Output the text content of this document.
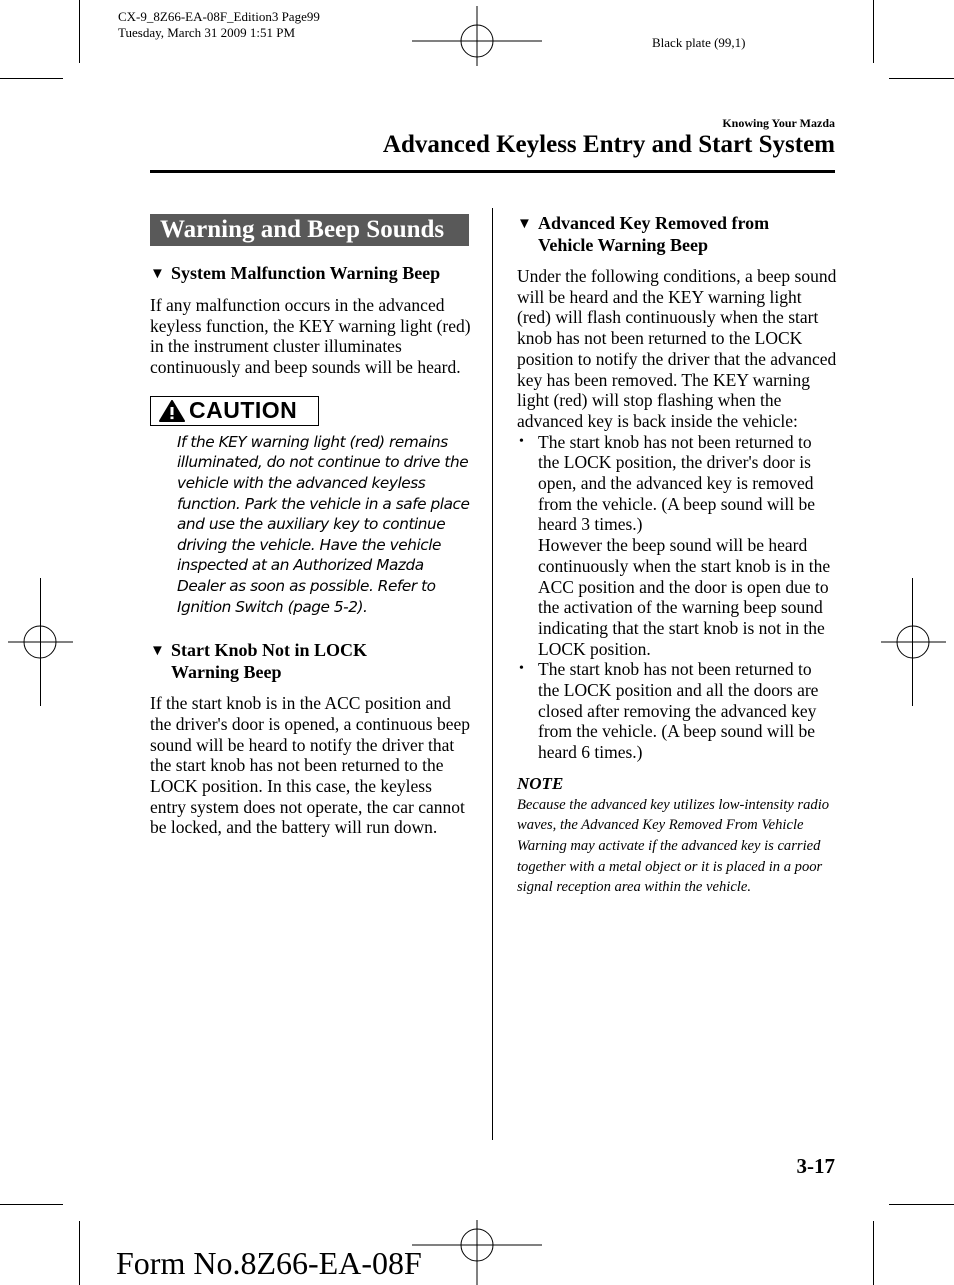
CX-9_8Z66-EA-08F_Edition3 Page99
Tuesday, March 31 2009 1:51 PM
Black plate (99,1)
Knowing Your Mazda
Advanced Keyless Entry and Start System
Warning and Beep Sounds
▼ System Malfunction Warning Beep

If any malfunction occurs in the advanced keyless function, the KEY warning light (red) in the instrument cluster illuminates continuously and beep sounds will be heard.

CAUTION

If the KEY warning light (red) remains illuminated, do not continue to drive the vehicle with the advanced keyless function. Park the vehicle in a safe place and use the auxiliary key to continue driving the vehicle. Have the vehicle inspected at an Authorized Mazda Dealer as soon as possible. Refer to Ignition Switch (page 5-2).

▼ Start Knob Not in LOCK Warning Beep

If the start knob is in the ACC position and the driver's door is opened, a continuous beep sound will be heard to notify the driver that the start knob has not been returned to the LOCK position. In this case, the keyless entry system does not operate, the car cannot be locked, and the battery will run down.

▼ Advanced Key Removed from Vehicle Warning Beep

Under the following conditions, a beep sound will be heard and the KEY warning light (red) will flash continuously when the start knob has not been returned to the LOCK position to notify the driver that the advanced key has been removed. The KEY warning light (red) will stop flashing when the advanced key is back inside the vehicle:

• The start knob has not been returned to the LOCK position, the driver's door is open, and the advanced key is removed from the vehicle. (A beep sound will be heard 3 times.)
However the beep sound will be heard continuously when the start knob is in the ACC position and the door is open due to the activation of the warning beep sound indicating that the start knob is not in the LOCK position.
• The start knob has not been returned to the LOCK position and all the doors are closed after removing the advanced key from the vehicle. (A beep sound will be heard 6 times.)
NOTE

Because the advanced key utilizes low-intensity radio waves, the Advanced Key Removed From Vehicle Warning may activate if the advanced key is carried together with a metal object or it is placed in a poor signal reception area within the vehicle.

3-17
Form No.8Z66-EA-08F
